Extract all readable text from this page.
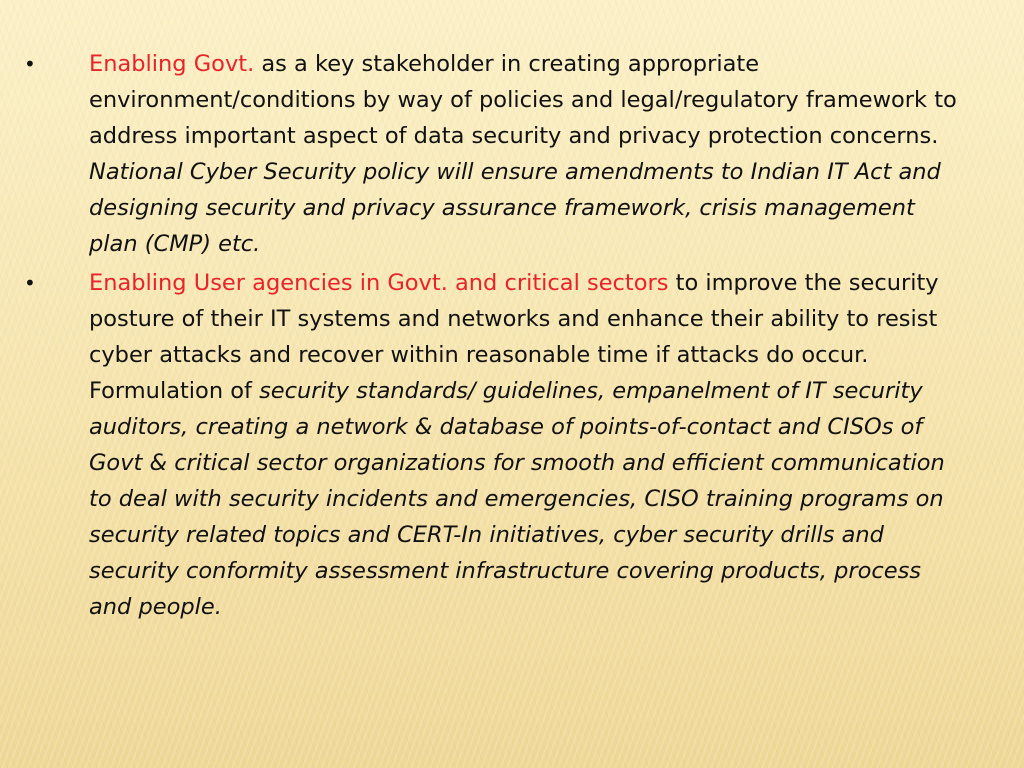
•	Enabling Govt. as a key stakeholder in creating appropriate environment/conditions by way of policies and legal/regulatory framework to address important aspect of data security and privacy protection concerns. National Cyber Security policy will ensure amendments to Indian IT Act and designing security and privacy assurance framework, crisis management plan (CMP) etc.
•	Enabling User agencies in Govt. and critical sectors to improve the security posture of their IT systems and networks and enhance their ability to resist cyber attacks and recover within reasonable time if attacks do occur. Formulation of security standards/ guidelines, empanelment of IT security auditors, creating a network & database of points-of-contact and CISOs of Govt & critical sector organizations for smooth and efficient communication to deal with security incidents and emergencies, CISO training programs on security related topics and CERT-In initiatives, cyber security drills and security conformity assessment infrastructure covering products, process and people.
